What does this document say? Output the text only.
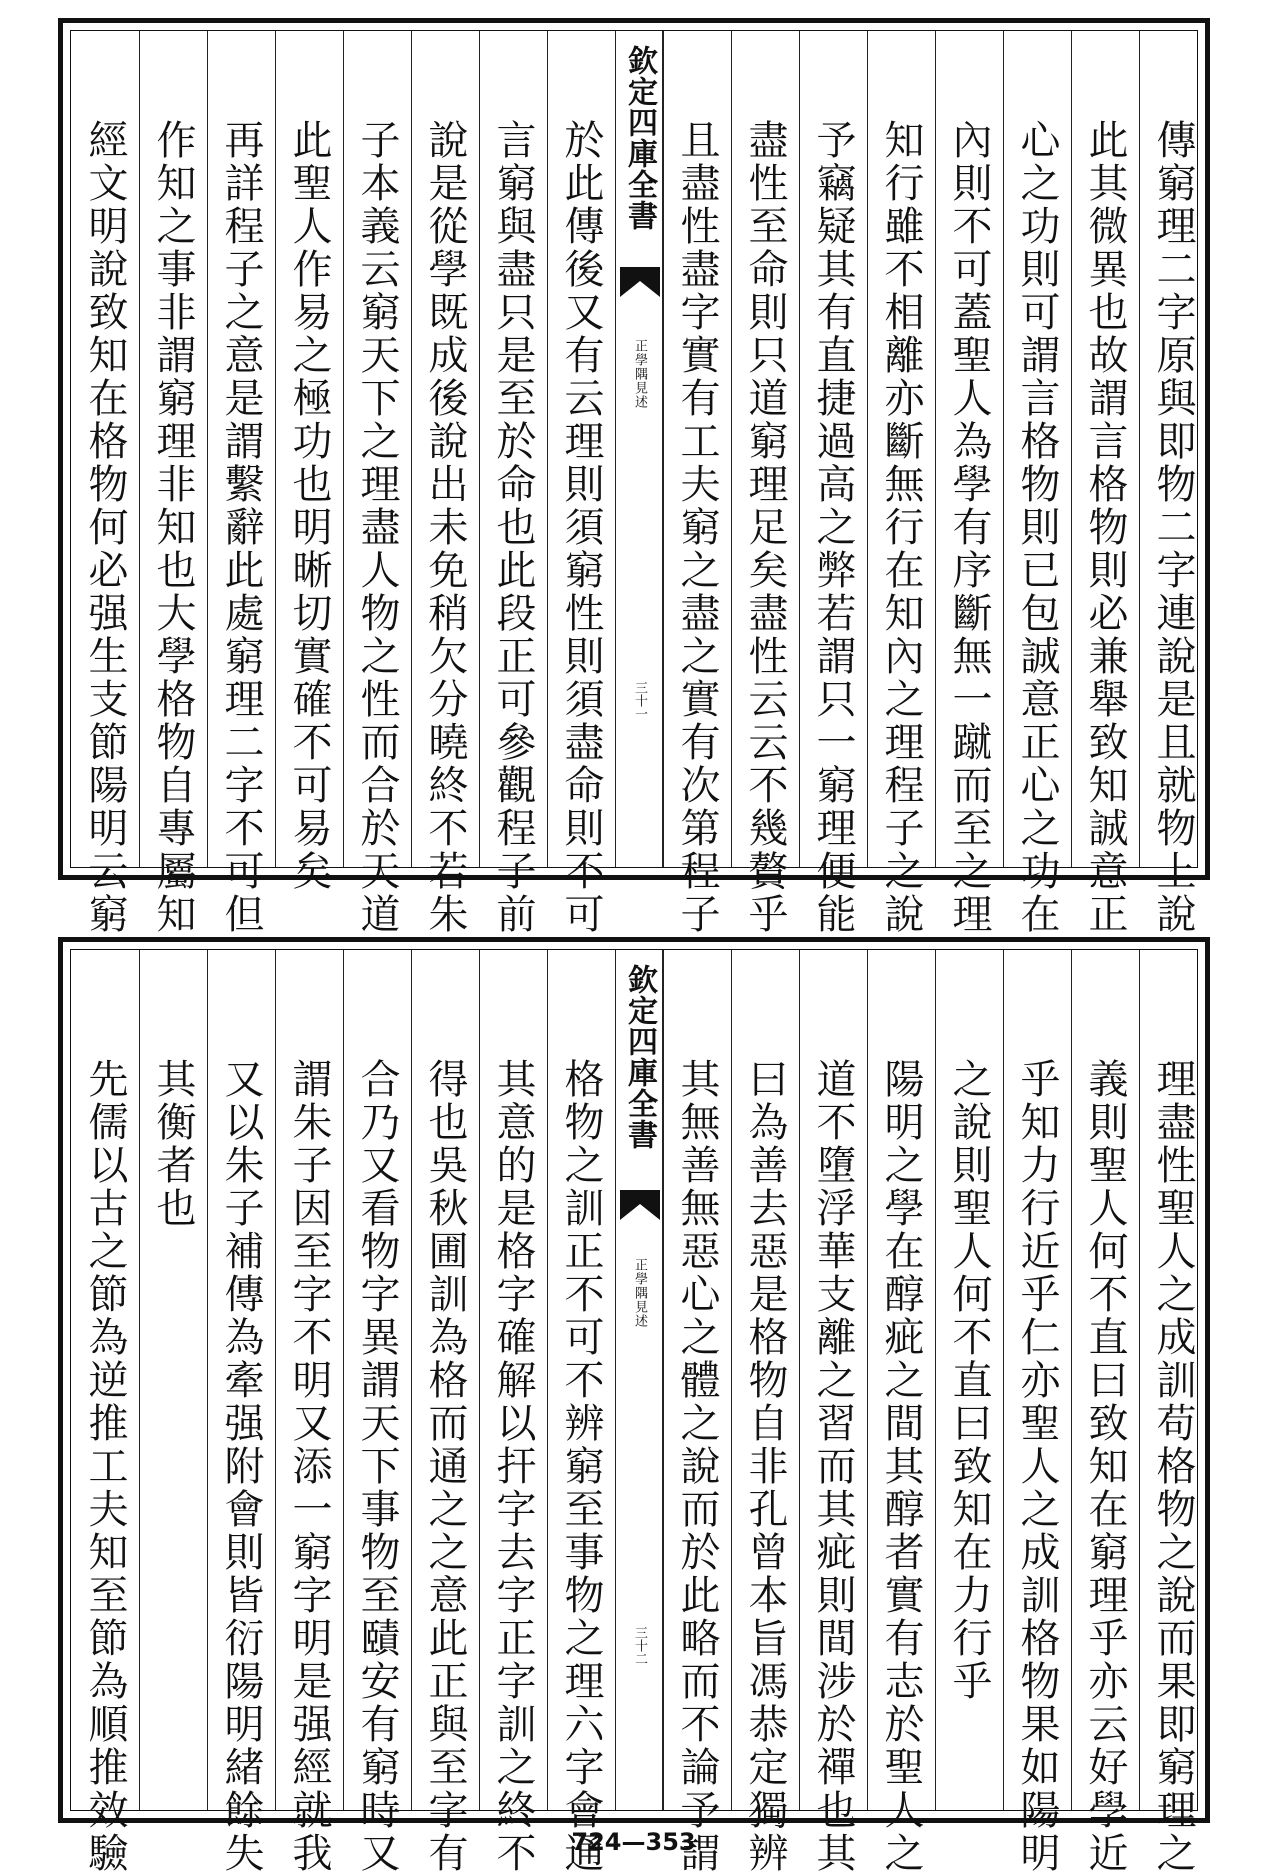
經文明說致知在格物何必强生支節陽明云窮 作知之事非謂窮理非知也大學格物自專屬知 再詳程子之意是謂繫辭此處窮理二字不可但 此聖人作易之極功也明晰切實確不可易矣 子本義云窮天下之理盡人物之性而合於天道 說是從學既成後說出未免稍欠分曉終不若朱 言窮與盡只是至於命也此段正可參觀程子前 於此傳後又有云理則須窮性則須盡命則不可 欽定四庫全書
正學隅見述
三十一 且盡性盡字實有工夫窮之盡之實有次第程子 盡性至命則只道窮理足矣盡性云云不幾贅乎 予竊疑其有直捷過高之弊若謂只一窮理便能 知行雖不相離亦斷無行在知內之理程子之說 內則不可蓋聖人為學有序斷無一蹴而至之理 心之功則可謂言格物則已包誠意正心之功在 此其微異也故謂言格物則必兼舉致知誠意正 傳窮理二字原與即物二字連說是且就物上說
先儒以古之節為逆推工夫知至節為順推效驗 其衡者也 又以朱子補傳為牽强附會則皆衍陽明緒餘失 謂朱子因至字不明又添一窮字明是强經就我 合乃又看物字異謂天下事物至賾安有窮時又 得也吳秋圃訓為格而通之之意此正與至字有 其意的是格字確解以扞字去字正字訓之終不 格物之訓正不可不辨窮至事物之理六字會通
欽定四庫全書
正學隅見述
三十二 其無善無惡心之體之說而於此略而不論予謂 曰為善去惡是格物自非孔曾本旨馮恭定獨辨 道不墮浮華支離之習而其疵則間涉於禪也其 陽明之學在醇疵之間其醇者實有志於聖人之 之說則聖人何不直曰致知在力行乎 乎知力行近乎仁亦聖人之成訓格物果如陽明 義則聖人何不直曰致知在窮理乎亦云好學近 理盡性聖人之成訓苟格物之說而果即窮理之
724—353
